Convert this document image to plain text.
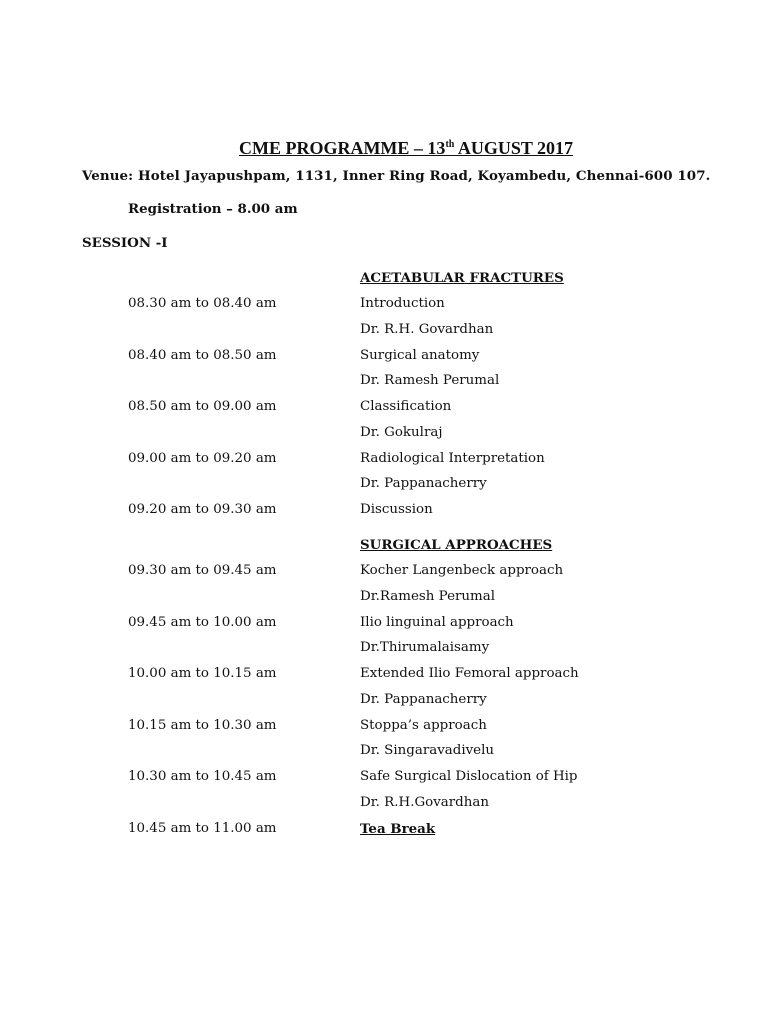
CME PROGRAMME – 13th AUGUST 2017
Venue: Hotel Jayapushpam, 1131, Inner Ring Road, Koyambedu, Chennai-600 107.
Registration – 8.00 am
SESSION -I
ACETABULAR FRACTURES
08.30 am to 08.40 am	Introduction
Dr. R.H. Govardhan
08.40 am to 08.50 am	Surgical anatomy
Dr. Ramesh Perumal
08.50 am to 09.00 am	Classification
Dr. Gokulraj
09.00 am to 09.20 am	Radiological Interpretation
Dr. Pappanacherry
09.20 am to 09.30 am	Discussion
SURGICAL APPROACHES
09.30 am to 09.45 am	Kocher Langenbeck approach
Dr.Ramesh Perumal
09.45 am to 10.00 am	Ilio linguinal approach
Dr.Thirumalaisamy
10.00 am to 10.15 am	Extended Ilio Femoral approach
Dr. Pappanacherry
10.15 am to 10.30 am	Stoppa’s approach
Dr. Singaravadivelu
10.30 am to 10.45 am	Safe Surgical Dislocation of Hip
Dr. R.H.Govardhan
10.45 am to 11.00 am	Tea Break
